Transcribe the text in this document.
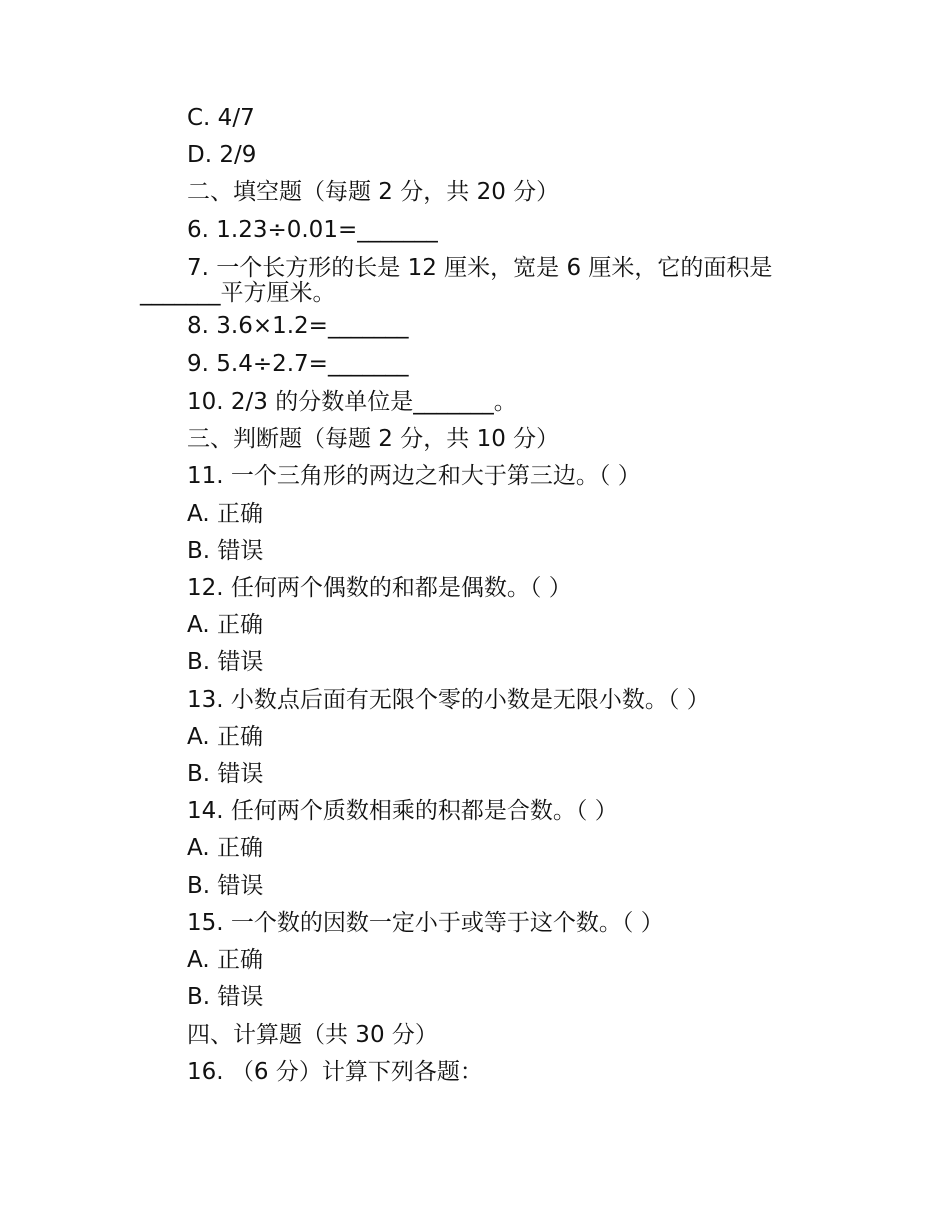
C. 4/7
D. 2/9
二、填空题（每题 2 分，共 20 分）
6. 1.23÷0.01=_______
7. 一个长方形的长是 12 厘米，宽是 6 厘米，它的面积是
_______平方厘米。
8. 3.6×1.2=_______
9. 5.4÷2.7=_______
10. 2/3 的分数单位是_______。
三、判断题（每题 2 分，共 10 分）
11. 一个三角形的两边之和大于第三边。（ ）
A. 正确
B. 错误
12. 任何两个偶数的和都是偶数。（ ）
A. 正确
B. 错误
13. 小数点后面有无限个零的小数是无限小数。（ ）
A. 正确
B. 错误
14. 任何两个质数相乘的积都是合数。（ ）
A. 正确
B. 错误
15. 一个数的因数一定小于或等于这个数。（ ）
A. 正确
B. 错误
四、计算题（共 30 分）
16. （6 分）计算下列各题：
